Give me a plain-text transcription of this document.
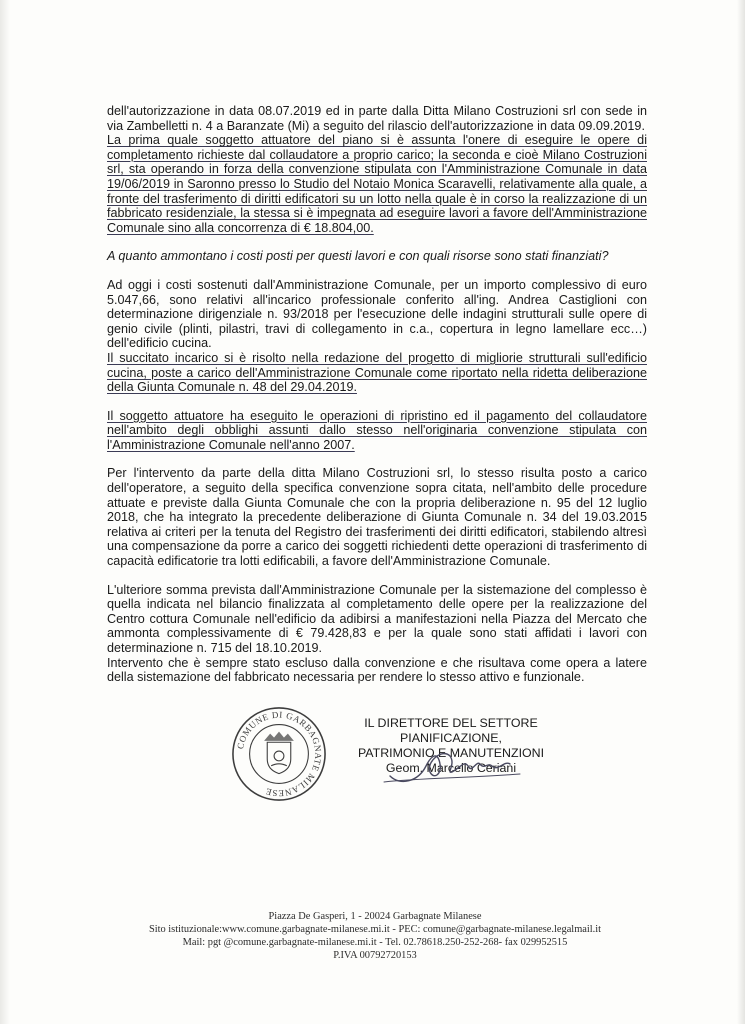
dell'autorizzazione in data 08.07.2019 ed in parte dalla Ditta Milano Costruzioni srl con sede in via Zambelletti n. 4 a Baranzate (Mi) a seguito del rilascio dell'autorizzazione in data 09.09.2019.

La prima quale soggetto attuatore del piano si è assunta l'onere di eseguire le opere di completamento richieste dal collaudatore a proprio carico; la seconda e cioè Milano Costruzioni srl, sta operando in forza della convenzione stipulata con l'Amministrazione Comunale in data 19/06/2019 in Saronno presso lo Studio del Notaio Monica Scaravelli, relativamente alla quale, a fronte del trasferimento di diritti edificatori su un lotto nella quale è in corso la realizzazione di un fabbricato residenziale, la stessa si è impegnata ad eseguire lavori a favore dell'Amministrazione Comunale sino alla concorrenza di € 18.804,00.

A quanto ammontano i costi posti per questi lavori e con quali risorse sono stati finanziati?

Ad oggi i costi sostenuti dall'Amministrazione Comunale, per un importo complessivo di euro 5.047,66, sono relativi all'incarico professionale conferito all'ing. Andrea Castiglioni con determinazione dirigenziale n. 93/2018 per l'esecuzione delle indagini strutturali sulle opere di genio civile (plinti, pilastri, travi di collegamento in c.a., copertura in legno lamellare ecc…) dell'edificio cucina.

Il succitato incarico si è risolto nella redazione del progetto di migliorie strutturali sull'edificio cucina, poste a carico dell'Amministrazione Comunale come riportato nella ridetta deliberazione della Giunta Comunale n. 48 del 29.04.2019.

Il soggetto attuatore ha eseguito le operazioni di ripristino ed il pagamento del collaudatore nell'ambito degli obblighi assunti dallo stesso nell'originaria convenzione stipulata con l'Amministrazione Comunale nell'anno 2007.

Per l'intervento da parte della ditta Milano Costruzioni srl, lo stesso risulta posto a carico dell'operatore, a seguito della specifica convenzione sopra citata, nell'ambito delle procedure attuate e previste dalla Giunta Comunale che con la propria deliberazione n. 95 del 12 luglio 2018, che ha integrato la precedente deliberazione di Giunta Comunale n. 34 del 19.03.2015 relativa ai criteri per la tenuta del Registro dei trasferimenti dei diritti edificatori, stabilendo altresì una compensazione da porre a carico dei soggetti richiedenti dette operazioni di trasferimento di capacità edificatorie tra lotti edificabili, a favore dell'Amministrazione Comunale.

L'ulteriore somma prevista dall'Amministrazione Comunale per la sistemazione del complesso è quella indicata nel bilancio finalizzata al completamento delle opere per la realizzazione del Centro cottura Comunale nell'edificio da adibirsi a manifestazioni nella Piazza del Mercato che ammonta complessivamente di € 79.428,83 e per la quale sono stati affidati i lavori con determinazione n. 715 del 18.10.2019.

Intervento che è sempre stato escluso dalla convenzione e che risultava come opera a latere della sistemazione del fabbricato necessaria per rendere lo stesso attivo e funzionale.

COMUNE DI GARBAGNATE MILANESE
IL DIRETTORE DEL SETTORE PIANIFICAZIONE,
PATRIMONIO E MANUTENZIONI
Geom. Marcello Ceriani
Piazza De Gasperi, 1 - 20024 Garbagnate Milanese
Sito istituzionale:www.comune.garbagnate-milanese.mi.it - PEC: comune@garbagnate-milanese.legalmail.it
Mail: pgt @comune.garbagnate-milanese.mi.it - Tel. 02.78618.250-252-268- fax 029952515
P.IVA 00792720153
